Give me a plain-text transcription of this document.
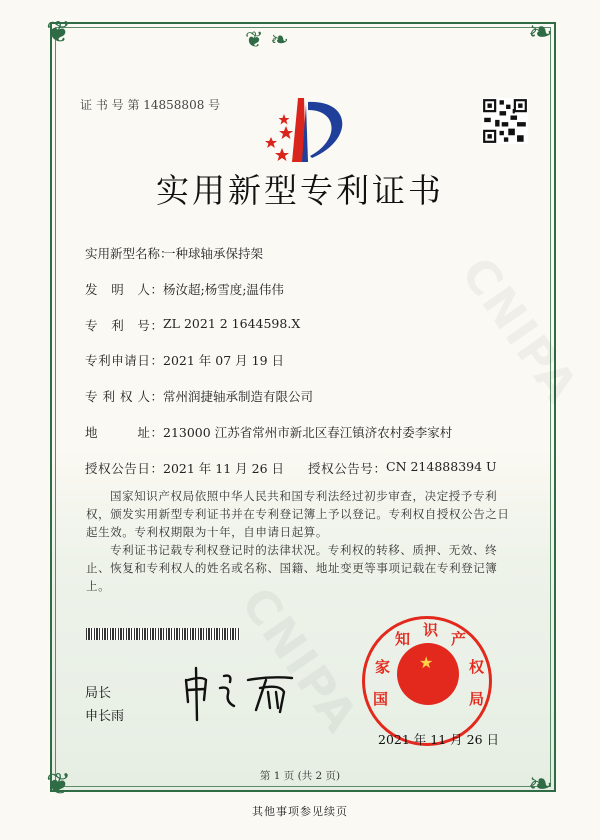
❦ ❧
❦	❧
❦	❧
证 书 号 第 14858808 号
实用新型专利证书
实用新型名称：
一种球轴承保持架
发　明　人： 杨汝超;杨雪度;温伟伟
专　利　号： ZL 2021 2 1644598.X
专利申请日： 2021 年 07 月 19 日
专 利 权 人： 常州润捷轴承制造有限公司
地　　　址： 213000 江苏省常州市新北区春江镇济农村委李家村
授权公告日： 2021 年 11 月 26 日 授权公告号： CN 214888394 U
国家知识产权局依照中华人民共和国专利法经过初步审查，决定授予专利权，颁发实用新型专利证书并在专利登记簿上予以登记。专利权自授权公告之日起生效。专利权期限为十年，自申请日起算。
专利证书记载专利权登记时的法律状况。专利权的转移、质押、无效、终止、恢复和专利权人的姓名或名称、国籍、地址变更等事项记载在专利登记簿上。
局长
申长雨
★
国
家
知 识 产
权
局
2021 年 11 月 26 日
第 1 页 (共 2 页)
其他事项参见续页
